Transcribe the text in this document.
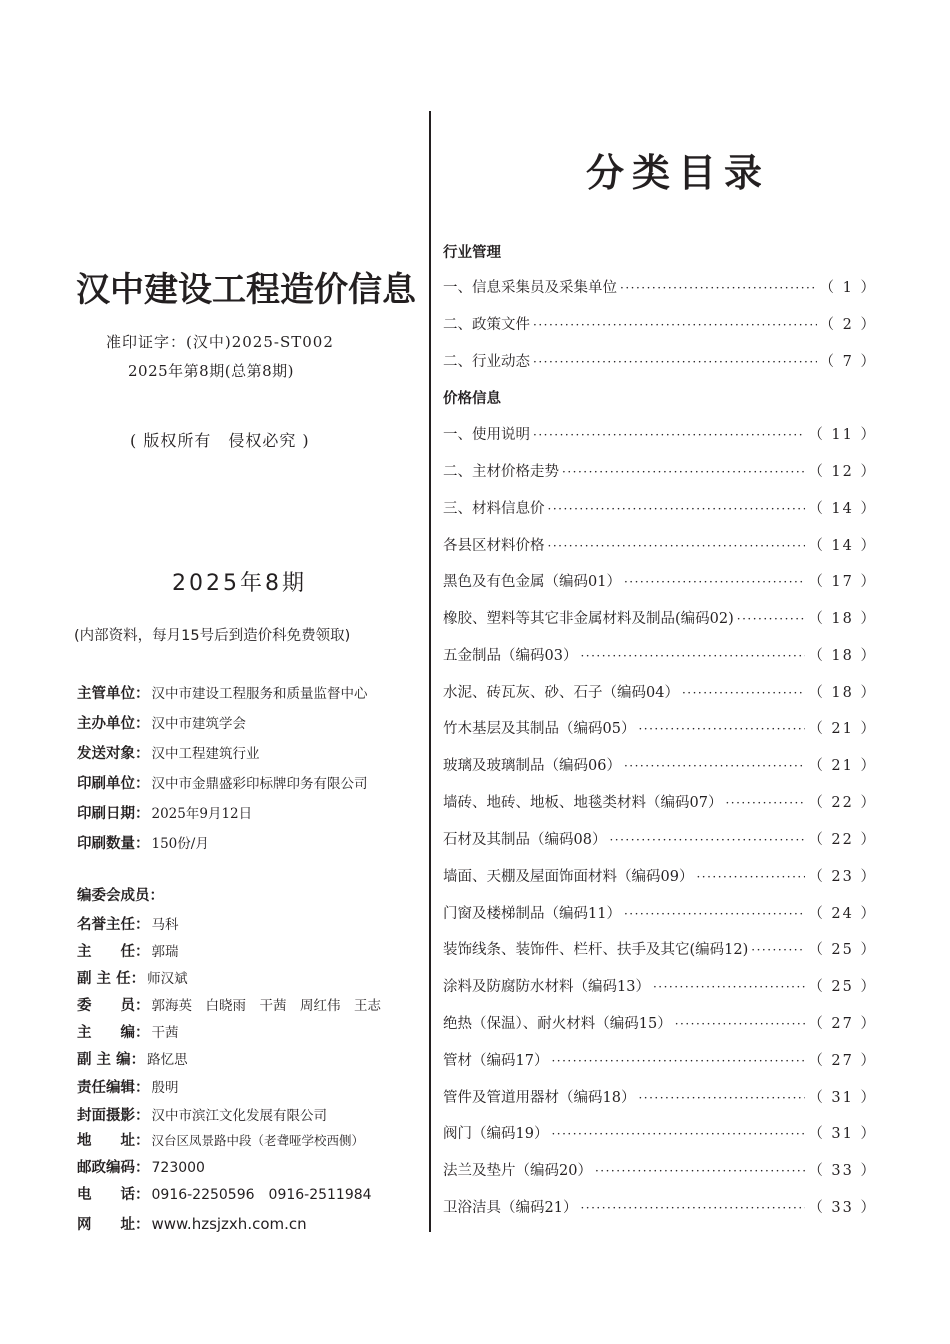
汉中建设工程造价信息
准印证字：(汉中)2025-ST002
2025年第8期(总第8期)
( 版权所有　侵权必究 )
2025年8期
(内部资料，每月15号后到造价科免费领取)
主管单位： 汉中市建设工程服务和质量监督中心
主办单位： 汉中市建筑学会
发送对象： 汉中工程建筑行业
印刷单位： 汉中市金鼎盛彩印标牌印务有限公司
印刷日期： 2025年9月12日
印刷数量： 150份/月
编委会成员：
名誉主任： 马科
主　　任： 郭瑞
副 主 任： 师汉斌
委　　员： 郭海英　白晓雨　干茜　周红伟　王志
主　　编： 干茜
副 主 编： 路忆思
责任编辑： 殷明
封面摄影： 汉中市滨江文化发展有限公司
地　　址： 汉台区凤景路中段（老聋哑学校西侧）
邮政编码： 723000
电　　话： 0916-2250596　0916-2511984
网　　址： www.hzsjzxh.com.cn
分类目录
行业管理
一、信息采集员及采集单位 ·····	（ 1 ）
二、政策文件 ·····	（ 2 ）
二、行业动态 ·····	（ 7 ）
价格信息
一、使用说明 ·····	（ 11 ）
二、主材价格走势 ·····	（ 12 ）
三、材料信息价 ·····	（ 14 ）
各县区材料价格 ·····	（ 14 ）
黑色及有色金属（编码01） ·····	（ 17 ）
橡胶、塑料等其它非金属材料及制品(编码02) ·····	（ 18 ）
五金制品（编码03） ·····	（ 18 ）
水泥、砖瓦灰、砂、石子（编码04） ·····	（ 18 ）
竹木基层及其制品（编码05） ·····	（ 21 ）
玻璃及玻璃制品（编码06） ·····	（ 21 ）
墙砖、地砖、地板、地毯类材料（编码07） ·····	（ 22 ）
石材及其制品（编码08） ·····	（ 22 ）
墙面、天棚及屋面饰面材料（编码09） ·····	（ 23 ）
门窗及楼梯制品（编码11） ·····	（ 24 ）
装饰线条、装饰件、栏杆、扶手及其它(编码12) ·····	（ 25 ）
涂料及防腐防水材料（编码13） ·····	（ 25 ）
绝热（保温）、耐火材料（编码15） ·····	（ 27 ）
管材（编码17） ·····	（ 27 ）
管件及管道用器材（编码18） ·····	（ 31 ）
阀门（编码19） ·····	（ 31 ）
法兰及垫片（编码20） ·····	（ 33 ）
卫浴洁具（编码21） ·····	（ 33 ）
